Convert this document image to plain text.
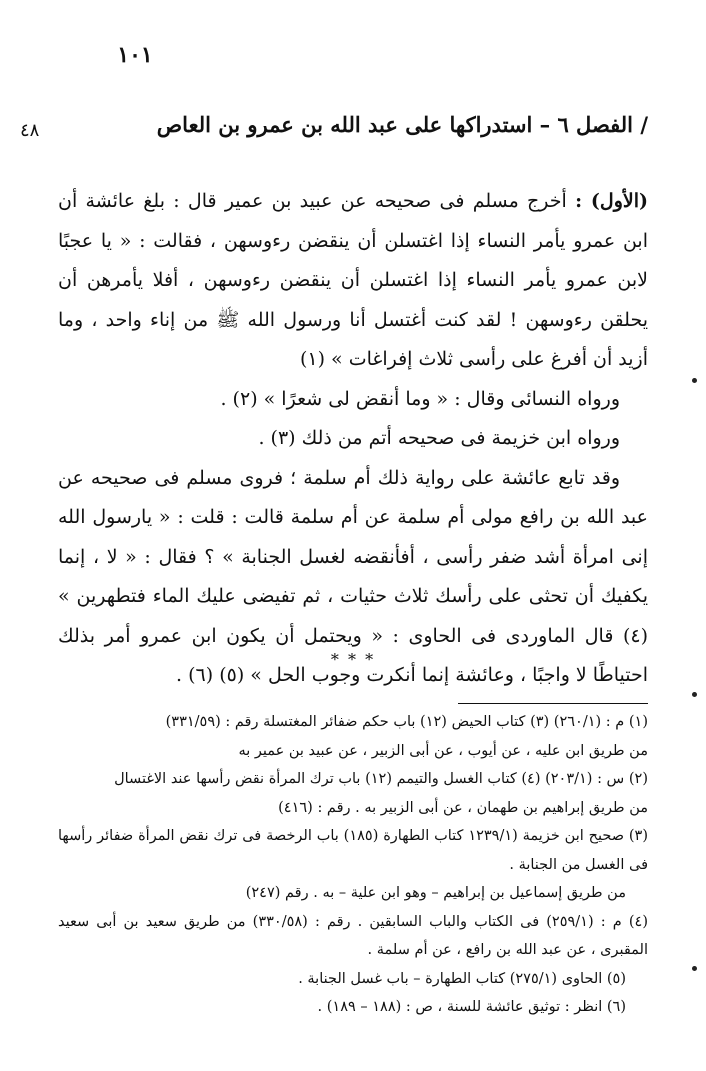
١٠١
٤٨	/ الفصل ٦ – استدراكها على عبد الله بن عمرو بن العاص

(الأول) : أخرج مسلم فى صحيحه عن عبيد بن عمير قال : بلغ عائشة أن ابن عمرو يأمر النساء إذا اغتسلن أن ينقضن رءوسهن ، فقالت : « يا عجبًا لابن عمرو يأمر النساء إذا اغتسلن أن ينقضن رءوسهن ، أفلا يأمرهن أن يحلقن رءوسهن ! لقد كنت أغتسل أنا ورسول الله ﷺ من إناء واحد ، وما أزيد أن أفرغ على رأسى ثلاث إفراغات » (١)

ورواه النسائى وقال : « وما أنقض لى شعرًا » (٢) .

ورواه ابن خزيمة فى صحيحه أتم من ذلك (٣) .

وقد تابع عائشة على رواية ذلك أم سلمة ؛ فروى مسلم فى صحيحه عن عبد الله بن رافع مولى أم سلمة عن أم سلمة قالت : قلت : « يارسول الله إنى امرأة أشد ضفر رأسى ، أفأنقضه لغسل الجنابة » ؟ فقال : « لا ، إنما يكفيك أن تحثى على رأسك ثلاث حثيات ، ثم تفيضى عليك الماء فتطهرين » (٤) قال الماوردى فى الحاوى : « ويحتمل أن يكون ابن عمرو أمر بذلك احتياطًا لا واجبًا ، وعائشة إنما أنكرت وجوب الحل » (٥) (٦) .

* * *

(١) م : (٢٦٠/١) (٣) كتاب الحيض (١٢) باب حكم ضفائر المغتسلة رقم : (٣٣١/٥٩)

من طريق ابن عليه ، عن أيوب ، عن أبى الزبير ، عن عبيد بن عمير به

(٢) س : (٢٠٣/١) (٤) كتاب الغسل والتيمم (١٢) باب ترك المرأة نقض رأسها عند الاغتسال

من طريق إبراهيم بن طهمان ، عن أبى الزبير به . رقم : (٤١٦)

(٣) صحيح ابن خزيمة (١٢٣٩/١ كتاب الطهارة (١٨٥) باب الرخصة فى ترك نقض المرأة ضفائر رأسها فى الغسل من الجنابة .

من طريق إسماعيل بن إبراهيم – وهو ابن علية – به . رقم (٢٤٧)

(٤) م : (٢٥٩/١) فى الكتاب والباب السابقين . رقم : (٣٣٠/٥٨) من طريق سعيد بن أبى سعيد المقبرى ، عن عبد الله بن رافع ، عن أم سلمة .

(٥) الحاوى (٢٧٥/١) كتاب الطهارة – باب غسل الجنابة .

(٦) انظر : توثيق عائشة للسنة ، ص : (١٨٨ – ١٨٩) .
